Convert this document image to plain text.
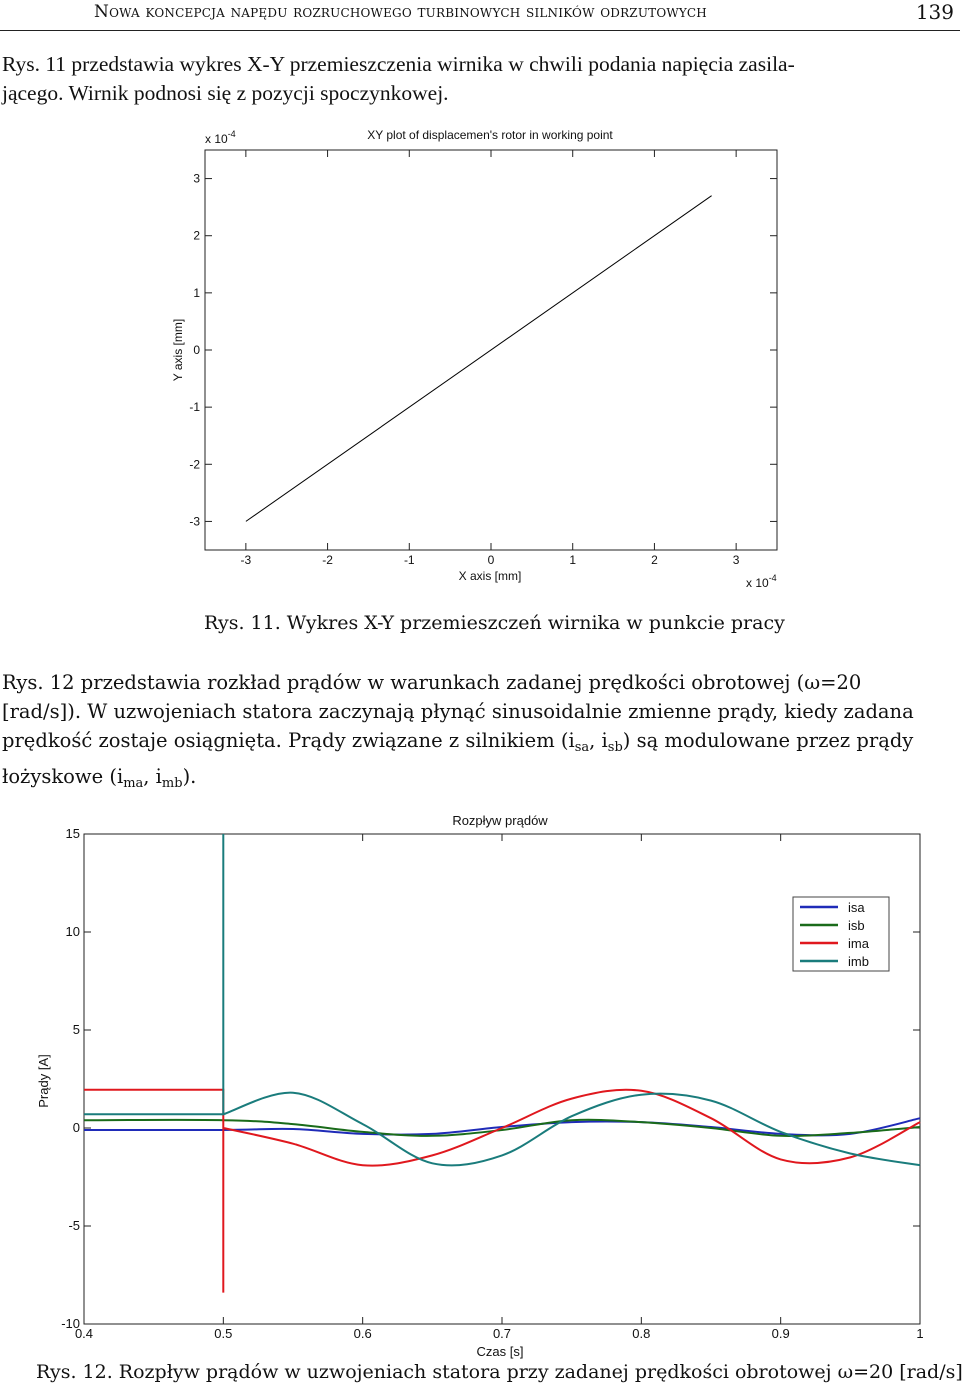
Nowa koncepcja napędu rozruchowego turbinowych silników odrzutowych	139
Rys. 11 przedstawia wykres X-Y przemieszczenia wirnika w chwili podania napięcia zasila-
jącego. Wirnik podnosi się z pozycji spoczynkowej.
3
2
1
0
-1
-2
-3
-3	-2	-1	0	1	2	3
XY plot of displacemen's rotor in working point
X axis [mm]
Y axis [mm]
x $10^{-4}$
x $10^{-4}$
Rys. 11. Wykres X-Y przemieszczeń wirnika w punkcie pracy
Rys. 12 przedstawia rozkład prądów w warunkach zadanej prędkości obrotowej (ω=20
[rad/s]). W uzwojeniach statora zaczynają płynąć sinusoidalnie zmienne prądy, kiedy zadana
prędkość zostaje osiągnięta. Prądy związane z silnikiem ($i_{sa}$, $i_{sb}$) są modulowane przez prądy
łożyskowe ($i_{ma}$, $i_{mb}$).
15
10
5
0
-5
-10
0.4	0.5	0.6	0.7	0.8	0.9	1
Rozpływ prądów
Czas [s]
Prądy [A]
isa
isb
ima
imb
Rys. 12. Rozpływ prądów w uzwojeniach statora przy zadanej prędkości obrotowej ω=20 [rad/s]
